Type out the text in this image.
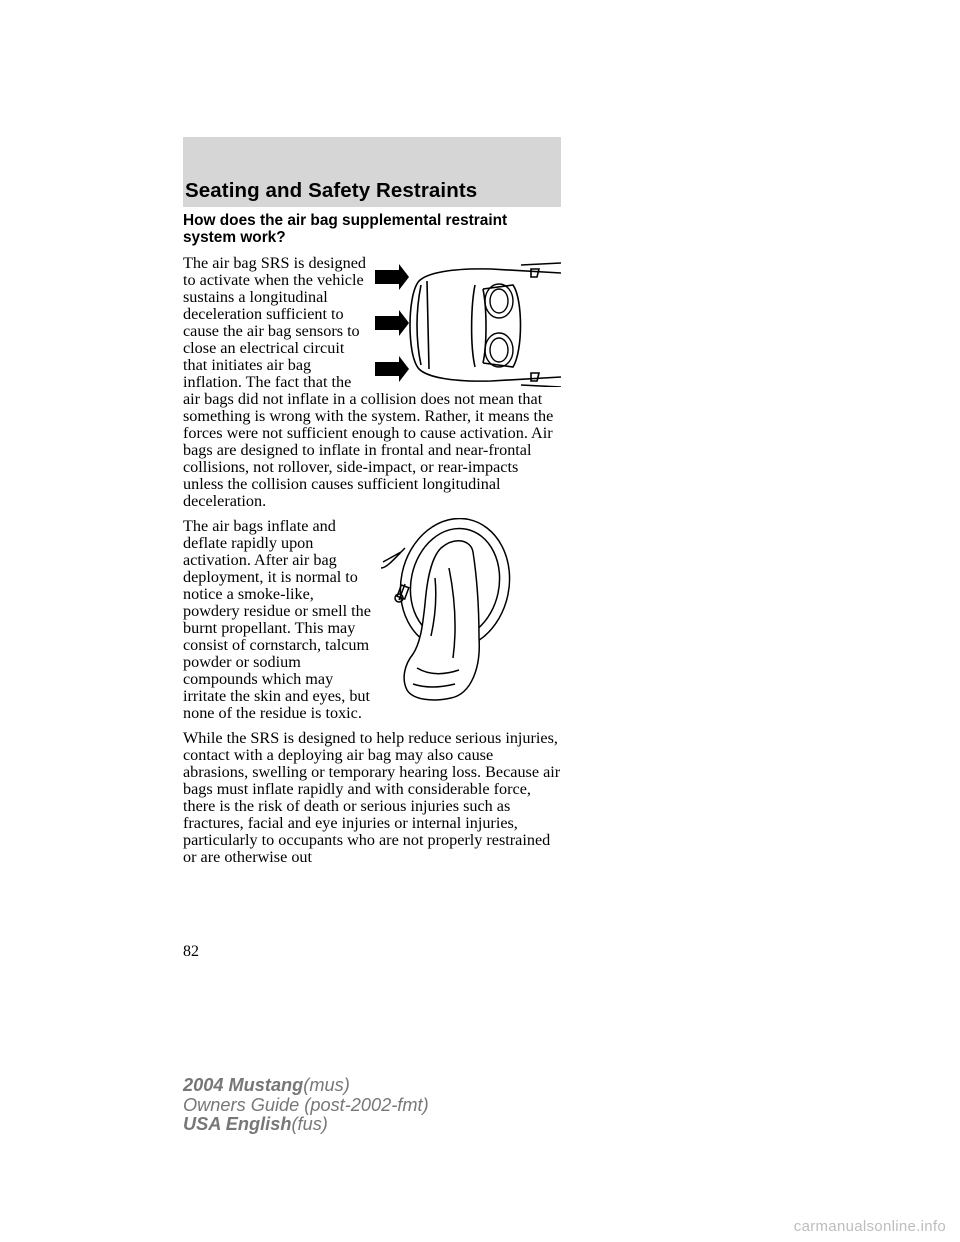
Seating and Safety Restraints
How does the air bag supplemental restraint system work?

The air bag SRS is designed to activate when the vehicle sustains a longitudinal deceleration sufficient to cause the air bag sensors to close an electrical circuit that initiates air bag inflation. The fact that the air bags did not inflate in a collision does not mean that something is wrong with the system. Rather, it means the forces were not sufficient enough to cause activation. Air bags are designed to inflate in frontal and near-frontal collisions, not rollover, side-impact, or rear-impacts unless the collision causes sufficient longitudinal deceleration.

The air bags inflate and deflate rapidly upon activation. After air bag deployment, it is normal to notice a smoke-like, powdery residue or smell the burnt propellant. This may consist of cornstarch, talcum powder or sodium compounds which may irritate the skin and eyes, but none of the residue is toxic.

While the SRS is designed to help reduce serious injuries, contact with a deploying air bag may also cause abrasions, swelling or temporary hearing loss. Because air bags must inflate rapidly and with considerable force, there is the risk of death or serious injuries such as fractures, facial and eye injuries or internal injuries, particularly to occupants who are not properly restrained or are otherwise out

82
2004 Mustang(mus)
Owners Guide (post-2002-fmt)
USA English(fus)
carmanualsonline.info
